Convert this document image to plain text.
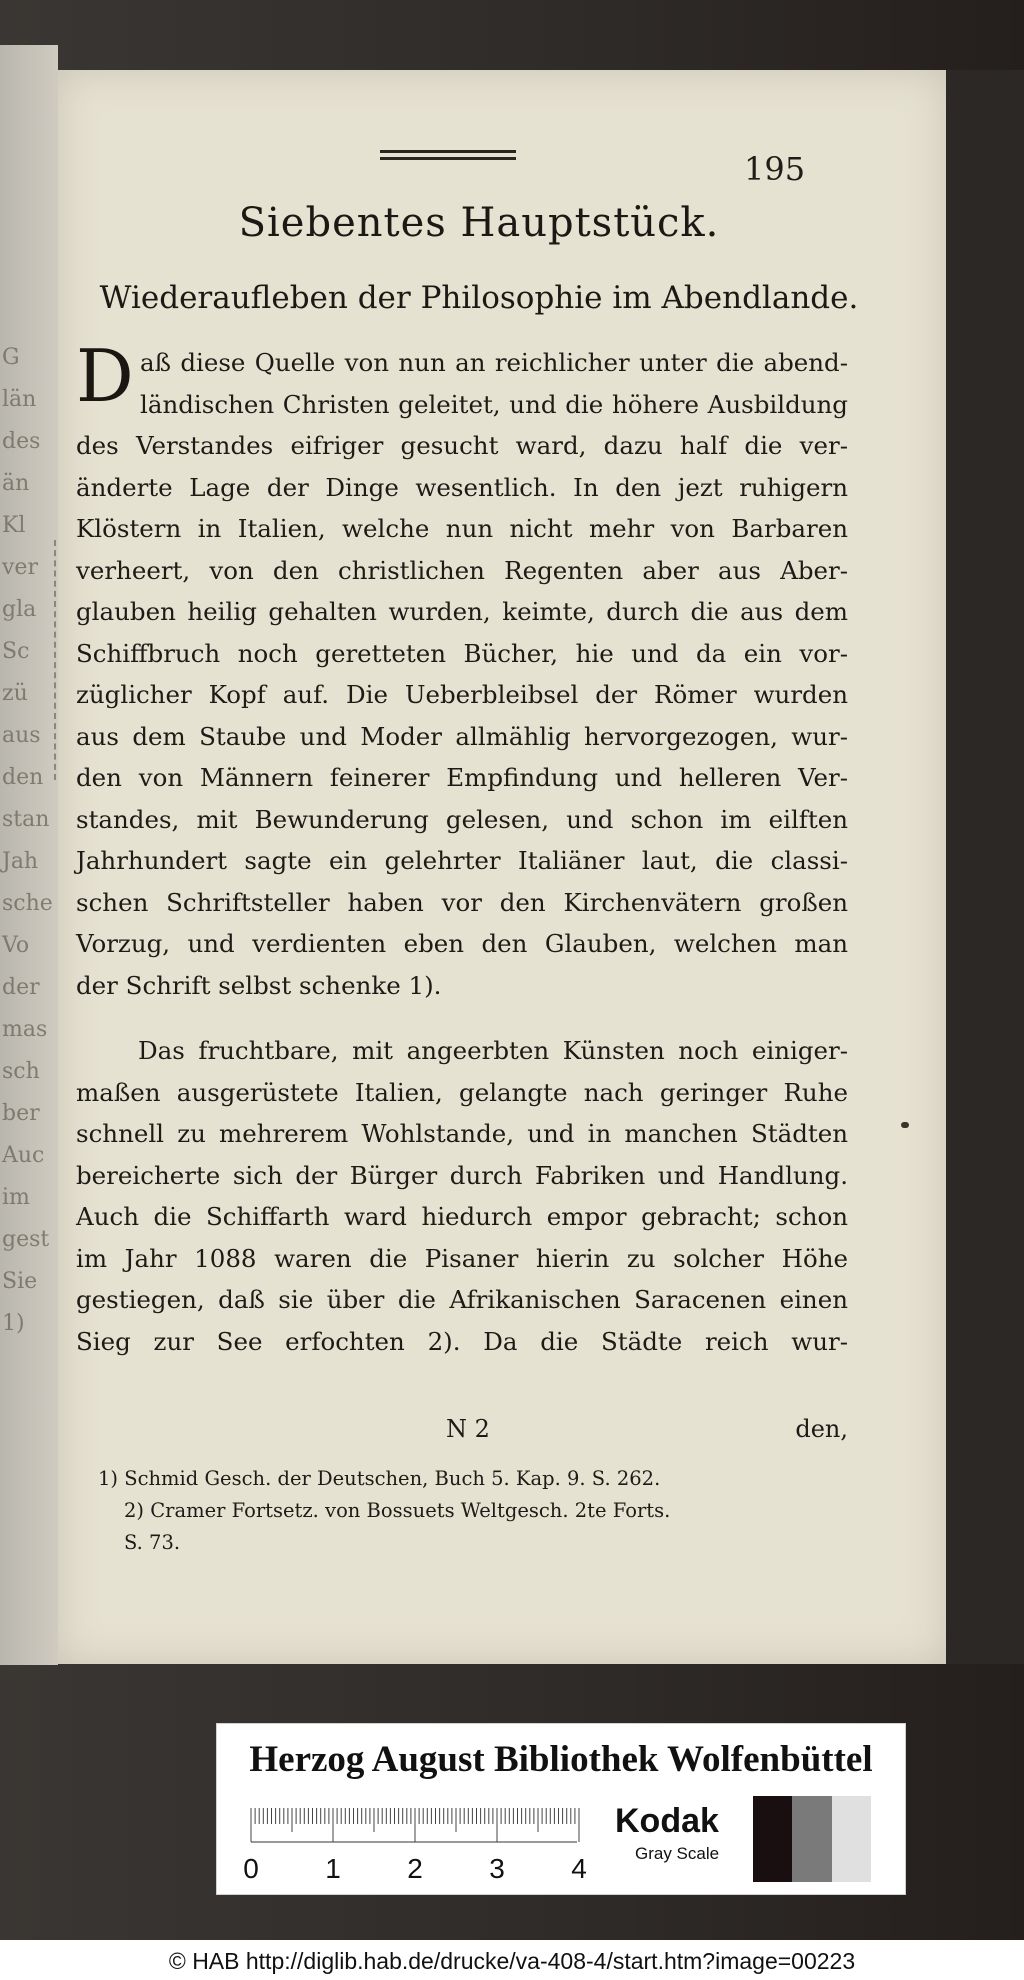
G
län
des
än
Kl
ver
gla
Sc
zü
aus
den
stan
Jah
sche
Vo
der
mas
sch
ber
Auc
im
gest
Sie
1)
195
Siebentes Hauptstück.
Wiederaufleben der Philosophie im Abendlande.
D aß diese Quelle von nun an reichlicher unter die abend-
ländischen Christen geleitet, und die höhere Ausbildung
des Verstandes eifriger gesucht ward, dazu half die ver-
änderte Lage der Dinge wesentlich. In den jezt ruhigern
Klöstern in Italien, welche nun nicht mehr von Barbaren
verheert, von den christlichen Regenten aber aus Aber-
glauben heilig gehalten wurden, keimte, durch die aus dem
Schiffbruch noch geretteten Bücher, hie und da ein vor-
züglicher Kopf auf. Die Ueberbleibsel der Römer wurden
aus dem Staube und Moder allmählig hervorgezogen, wur-
den von Männern feinerer Empfindung und helleren Ver-
standes, mit Bewunderung gelesen, und schon im eilften
Jahrhundert sagte ein gelehrter Italiäner laut, die classi-
schen Schriftsteller haben vor den Kirchenvätern großen
Vorzug, und verdienten eben den Glauben, welchen man
der Schrift selbst schenke 1).
Das fruchtbare, mit angeerbten Künsten noch einiger-
maßen ausgerüstete Italien, gelangte nach geringer Ruhe
schnell zu mehrerem Wohlstande, und in manchen Städten
bereicherte sich der Bürger durch Fabriken und Handlung.
Auch die Schiffarth ward hiedurch empor gebracht; schon
im Jahr 1088 waren die Pisaner hierin zu solcher Höhe
gestiegen, daß sie über die Afrikanischen Saracenen einen
Sieg zur See erfochten 2). Da die Städte reich wur-
N 2	den,
1) Schmid Gesch. der Deutschen, Buch 5. Kap. 9. S. 262.
2) Cramer Fortsetz. von Bossuets Weltgesch. 2te Forts.
S. 73.
Herzog August Bibliothek Wolfenbüttel
0 1 2 3 4
Kodak
Gray Scale
© HAB http://diglib.hab.de/drucke/va-408-4/start.htm?image=00223
